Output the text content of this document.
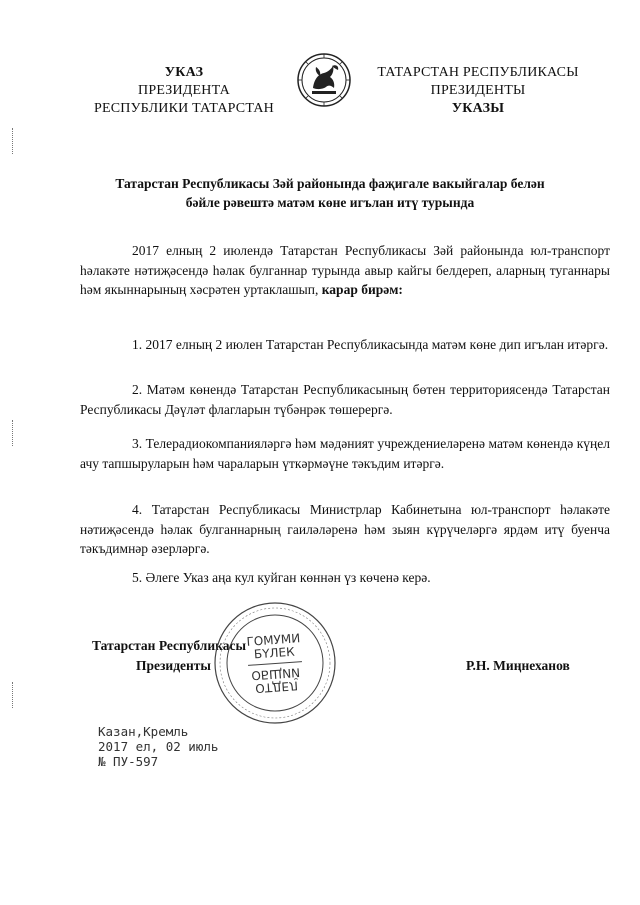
УКАЗ
ПРЕЗИДЕНТА
РЕСПУБЛИКИ ТАТАРСТАН
ТАТАРСТАН РЕСПУБЛИКАСЫ
ПРЕЗИДЕНТЫ
УКАЗЫ
Татарстан Республикасы Зәй районында фаҗигале вакыйгалар белән
бәйле рәвештә матәм көне игълан итү турында
2017 елның 2 июлендә Татарстан Республикасы Зәй районында юл-транспорт һәлакәте нәтиҗәсендә һәлак булганнар турында авыр кайгы белдереп, аларның туганнары һәм якыннарының хәсрәтен уртаклашып, карар бирәм:
1. 2017 елның 2 июлен Татарстан Республикасында матәм көне дип игълан итәргә.
2. Матәм көнендә Татарстан Республикасының бөтен территориясендә Татарстан Республикасы Дәүләт флагларын түбәнрәк төшерергә.
3. Телерадиокомпанияләргә һәм мәдәният учреждениеләренә матәм көнендә күңел ачу тапшыруларын һәм чараларын үткәрмәүне тәкъдим итәргә.
4. Татарстан Республикасы Министрлар Кабинетына юл-транспорт һәлакәте нәтиҗәсендә һәлак булганнарның гаиләләренә һәм зыян күрүчеләргә ярдәм итү буенча тәкъдимнәр әзерләргә.
5. Әлеге Указ аңа кул куйган көннән үз көченә керә.
Татарстан Республикасы
Президенты	Р.Н. Миңнеханов
ГОМУМИ
БҮЛЕК
ОБЩИЙ
ОТДЕЛ
Казан,Кремль
2017 ел, 02 июль
№ ПУ-597
